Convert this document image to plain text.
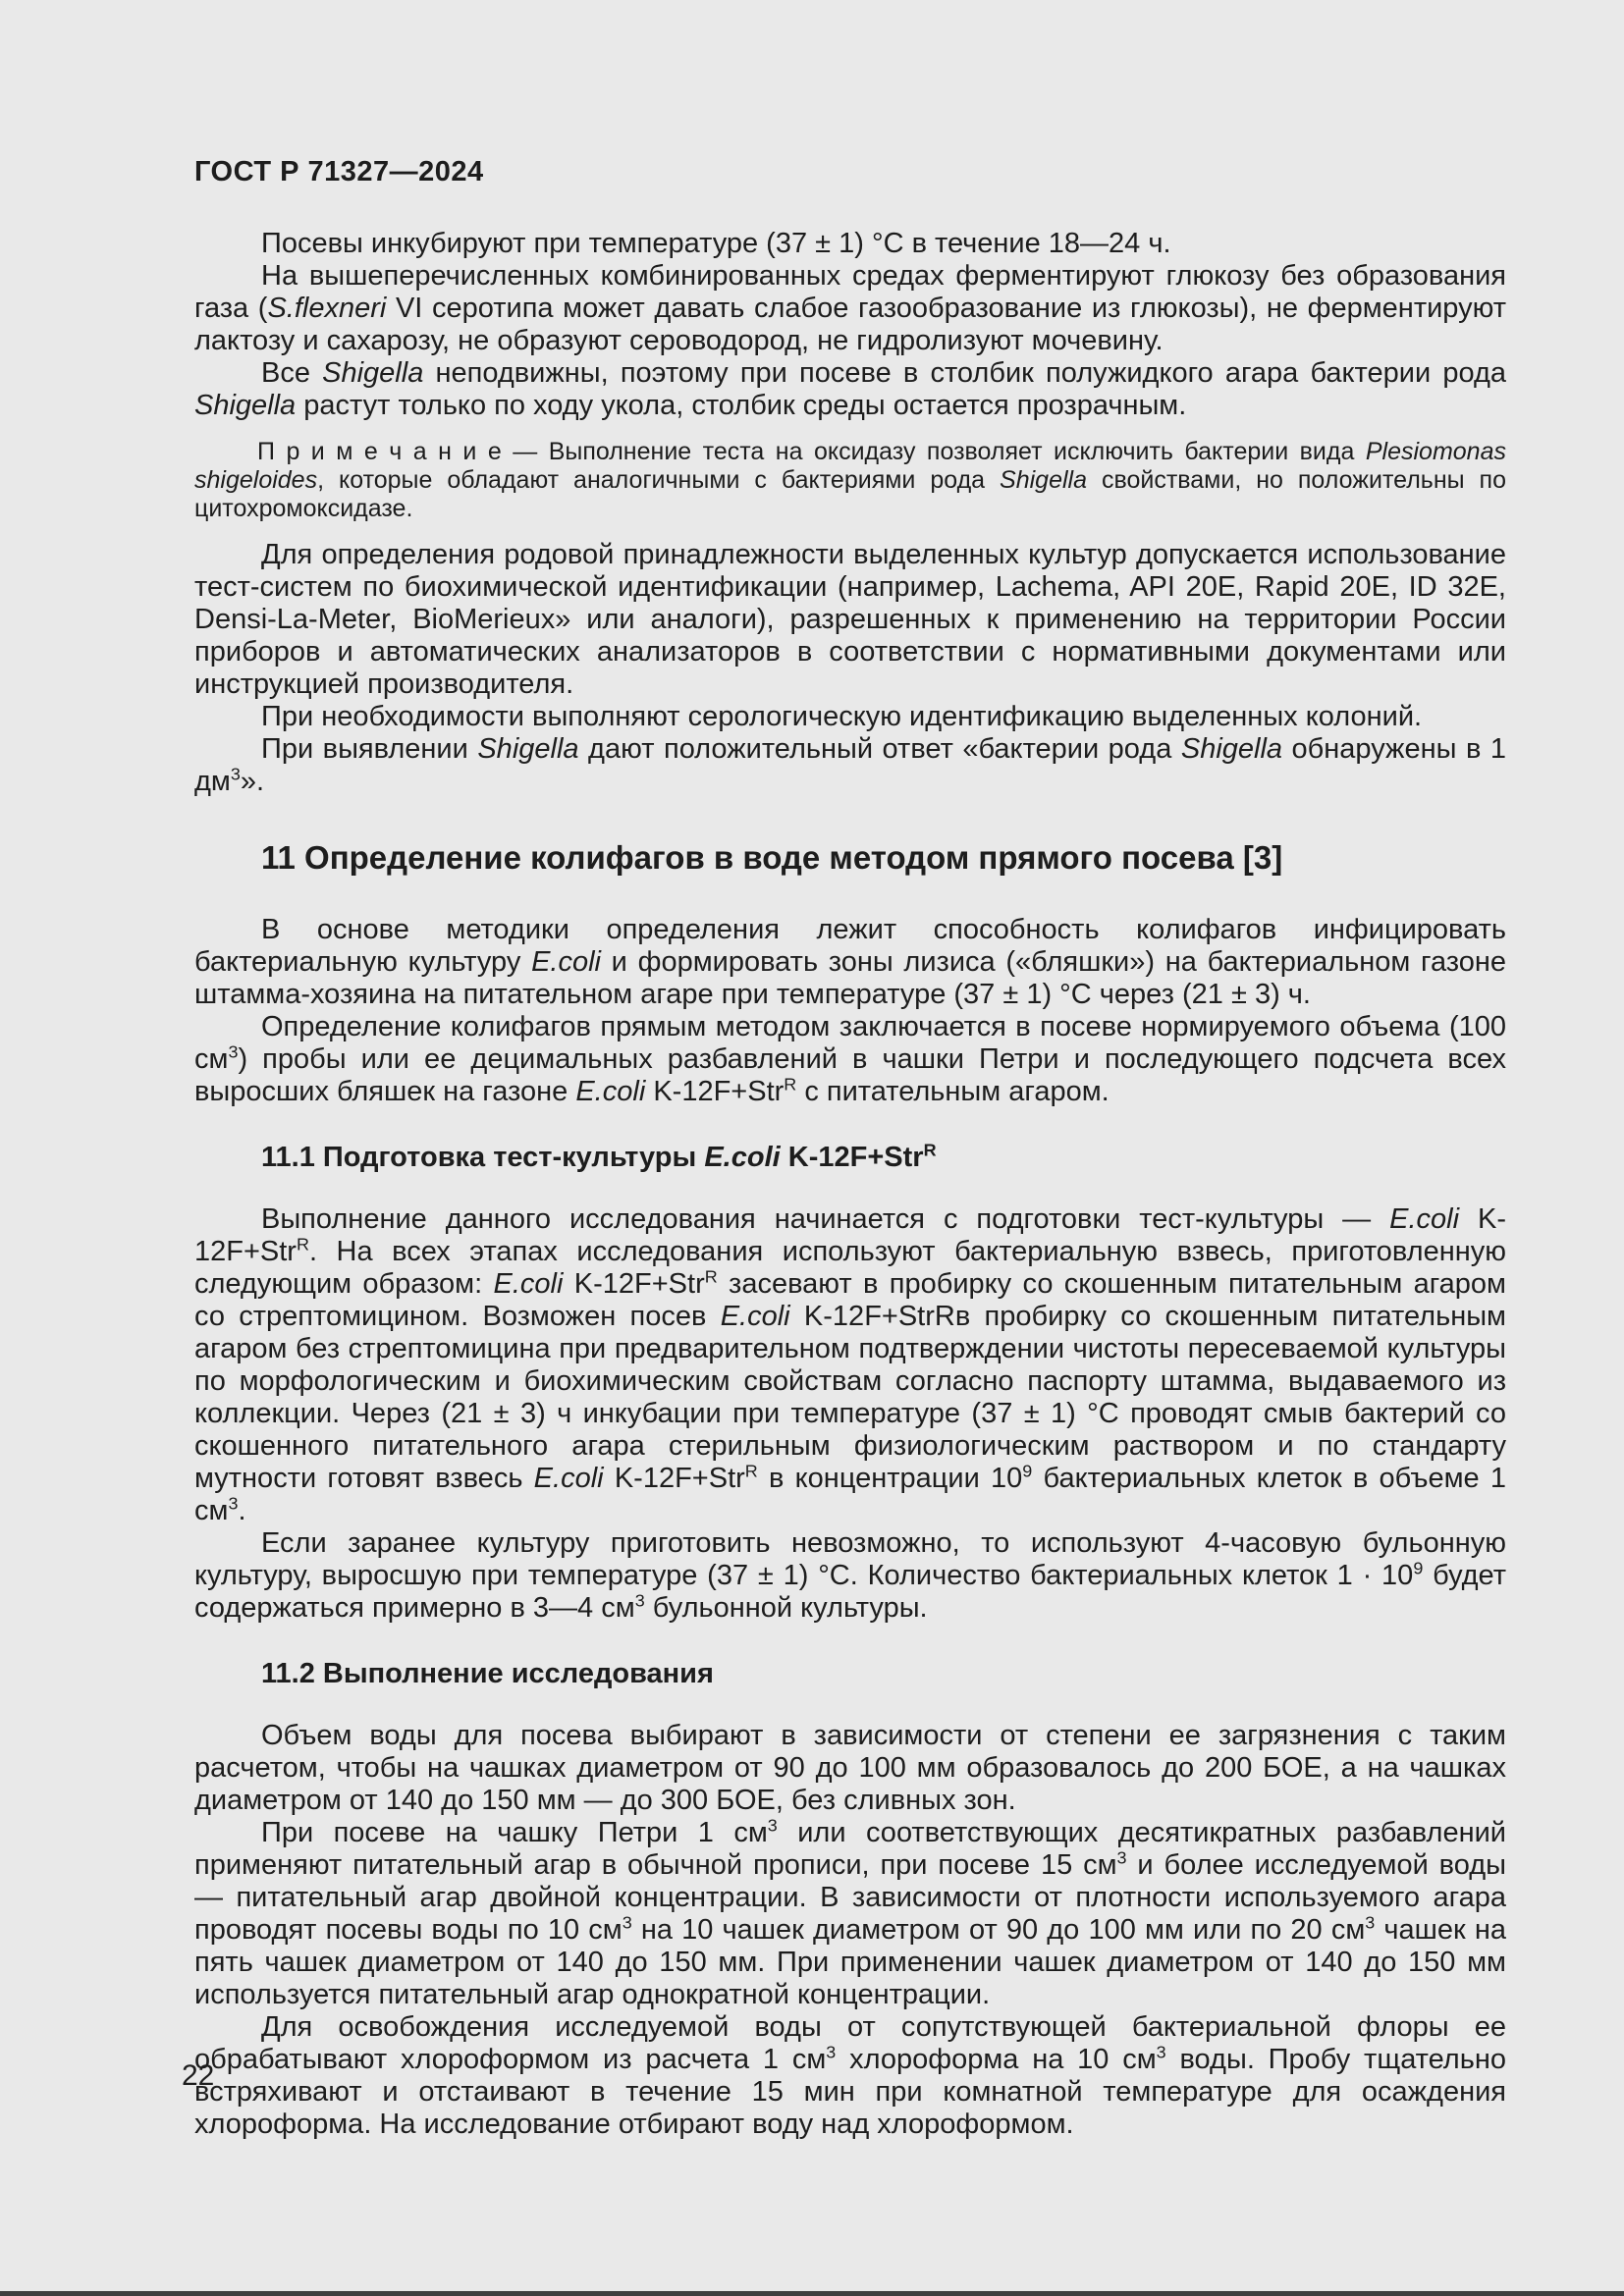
ГОСТ Р 71327—2024
Посевы инкубируют при температуре (37 ± 1) °С в течение 18—24 ч.
На вышеперечисленных комбинированных средах ферментируют глюкозу без образования газа (S.flexneri VI серотипа может давать слабое газообразование из глюкозы), не ферментируют лактозу и сахарозу, не образуют сероводород, не гидролизуют мочевину.
Все Shigella неподвижны, поэтому при посеве в столбик полужидкого агара бактерии рода Shigella растут только по ходу укола, столбик среды остается прозрачным.
П р и м е ч а н и е — Выполнение теста на оксидазу позволяет исключить бактерии вида Plesiomonas shigeloides, которые обладают аналогичными с бактериями рода Shigella свойствами, но положительны по цитохромоксидазе.
Для определения родовой принадлежности выделенных культур допускается использование тест-систем по биохимической идентификации (например, Lachema, API 20E, Rapid 20E, ID 32E, Densi-La-Meter, BioMerieux» или аналоги), разрешенных к применению на территории России приборов и автоматических анализаторов в соответствии с нормативными документами или инструкцией производителя.
При необходимости выполняют серологическую идентификацию выделенных колоний.
При выявлении Shigella дают положительный ответ «бактерии рода Shigella обнаружены в 1 $дм^3$».
11 Определение колифагов в воде методом прямого посева [3]
В основе методики определения лежит способность колифагов инфицировать бактериальную культуру E.coli и формировать зоны лизиса («бляшки») на бактериальном газоне штамма-хозяина на питательном агаре при температуре (37 ± 1) °С через (21 ± 3) ч.
Определение колифагов прямым методом заключается в посеве нормируемого объема (100 $см^3$) пробы или ее децимальных разбавлений в чашки Петри и последующего подсчета всех выросших бляшек на газоне E.coli K-12F+Str$^R$ с питательным агаром.
11.1 Подготовка тест-культуры E.coli K-12F+Str$^R$
Выполнение данного исследования начинается с подготовки тест-культуры — E.coli K-12F+Str$^R$. На всех этапах исследования используют бактериальную взвесь, приготовленную следующим образом: E.coli K-12F+Str$^R$ засевают в пробирку со скошенным питательным агаром со стрептомицином. Возможен посев E.coli K-12F+StrRв пробирку со скошенным питательным агаром без стрептомицина при предварительном подтверждении чистоты пересеваемой культуры по морфологическим и биохимическим свойствам согласно паспорту штамма, выдаваемого из коллекции. Через (21 ± 3) ч инкубации при температуре (37 ± 1) °С проводят смыв бактерий со скошенного питательного агара стерильным физиологическим раствором и по стандарту мутности готовят взвесь E.coli K-12F+Str$^R$ в концентрации $10^9$ бактериальных клеток в объеме 1 $см^3$.
Если заранее культуру приготовить невозможно, то используют 4-часовую бульонную культуру, выросшую при температуре (37 ± 1) °С. Количество бактериальных клеток $1 \cdot 10^9$ будет содержаться примерно в 3—4 $см^3$ бульонной культуры.
11.2 Выполнение исследования
Объем воды для посева выбирают в зависимости от степени ее загрязнения с таким расчетом, чтобы на чашках диаметром от 90 до 100 мм образовалось до 200 БОЕ, а на чашках диаметром от 140 до 150 мм — до 300 БОЕ, без сливных зон.
При посеве на чашку Петри 1 $см^3$ или соответствующих десятикратных разбавлений применяют питательный агар в обычной прописи, при посеве 15 $см^3$ и более исследуемой воды — питательный агар двойной концентрации. В зависимости от плотности используемого агара проводят посевы воды по 10 $см^3$ на 10 чашек диаметром от 90 до 100 мм или по 20 $см^3$ чашек на пять чашек диаметром от 140 до 150 мм. При применении чашек диаметром от 140 до 150 мм используется питательный агар однократной концентрации.
Для освобождения исследуемой воды от сопутствующей бактериальной флоры ее обрабатывают хлороформом из расчета 1 $см^3$ хлороформа на 10 $см^3$ воды. Пробу тщательно встряхивают и отстаивают в течение 15 мин при комнатной температуре для осаждения хлороформа. На исследование отбирают воду над хлороформом.
22
